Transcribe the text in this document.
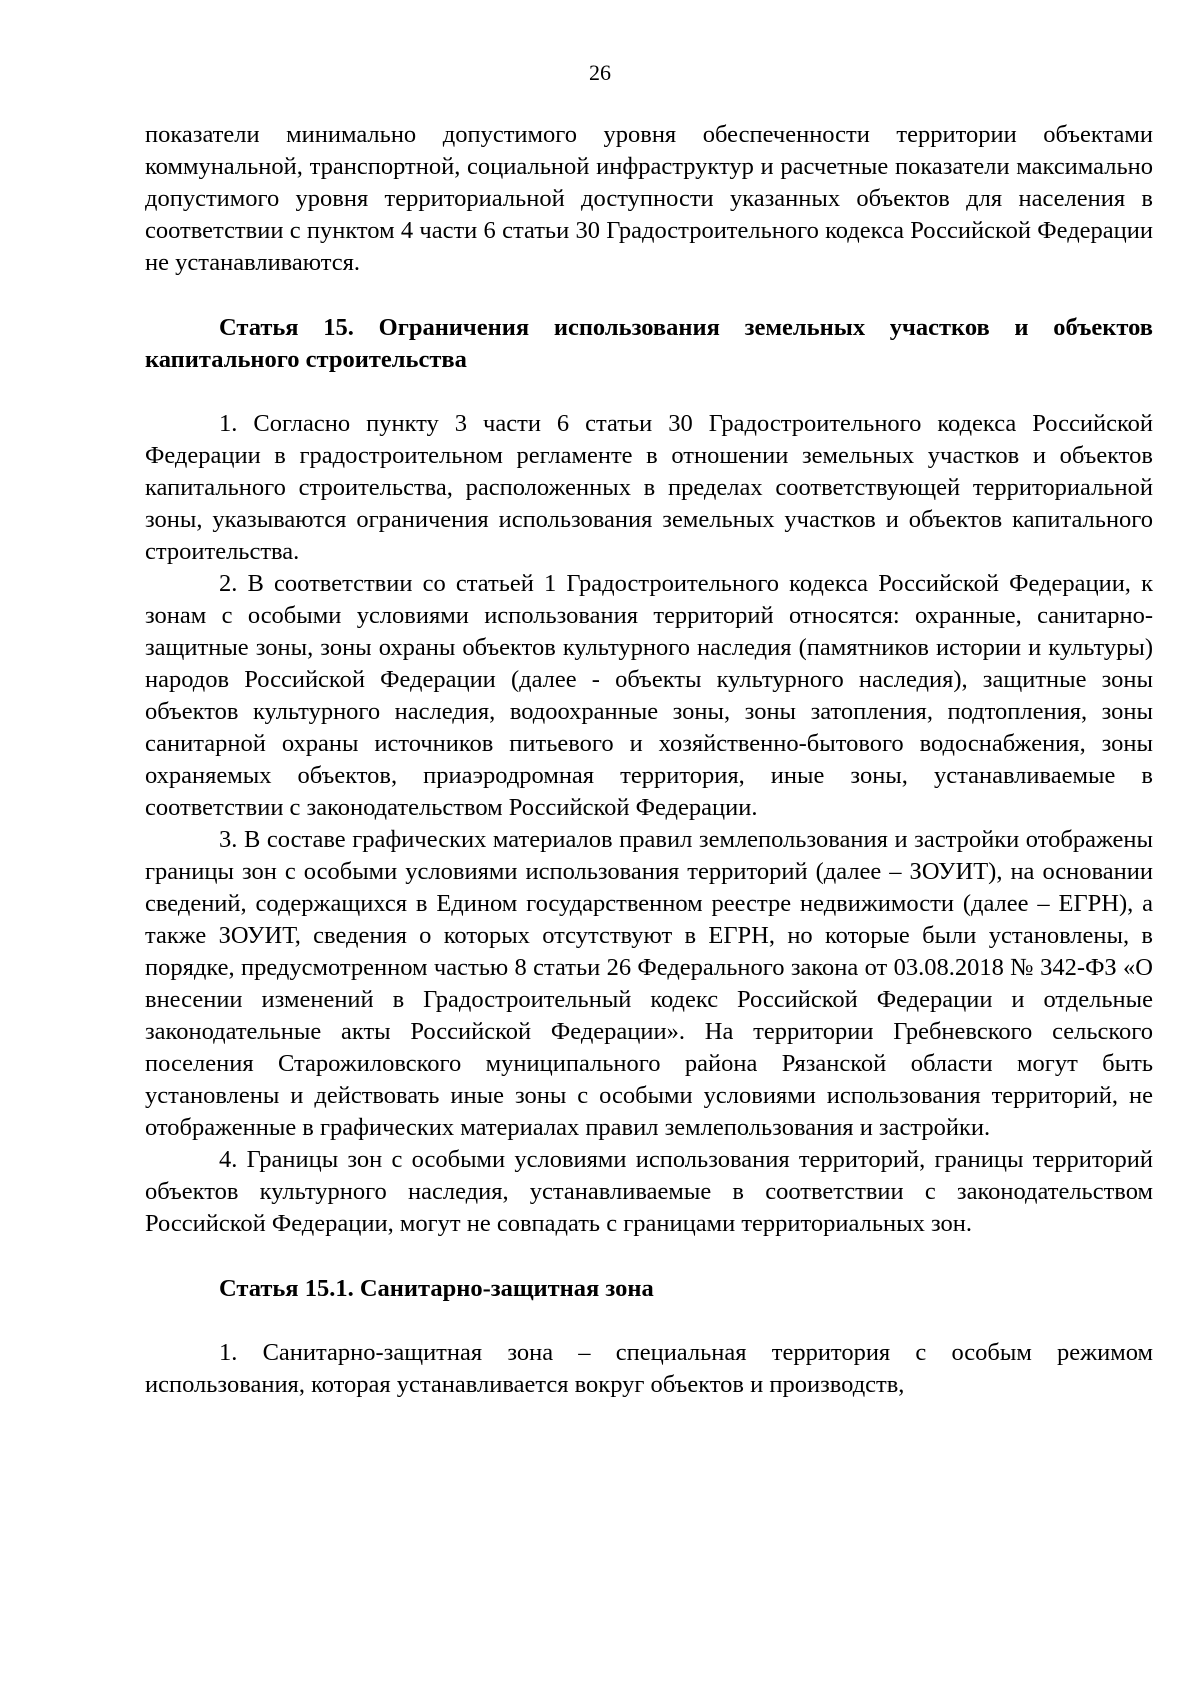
26

показатели минимально допустимого уровня обеспеченности территории объектами коммунальной, транспортной, социальной инфраструктур и расчетные показатели максимально допустимого уровня территориальной доступности указанных объектов для населения в соответствии с пунктом 4 части 6 статьи 30 Градостроительного кодекса Российской Федерации не устанавливаются.

Статья 15. Ограничения использования земельных участков и объектов капитального строительства

1. Согласно пункту 3 части 6 статьи 30 Градостроительного кодекса Российской Федерации в градостроительном регламенте в отношении земельных участков и объектов капитального строительства, расположенных в пределах соответствующей территориальной зоны, указываются ограничения использования земельных участков и объектов капитального строительства.

2. В соответствии со статьей 1 Градостроительного кодекса Российской Федерации, к зонам с особыми условиями использования территорий относятся: охранные, санитарно-защитные зоны, зоны охраны объектов культурного наследия (памятников истории и культуры) народов Российской Федерации (далее - объекты культурного наследия), защитные зоны объектов культурного наследия, водоохранные зоны, зоны затопления, подтопления, зоны санитарной охраны источников питьевого и хозяйственно-бытового водоснабжения, зоны охраняемых объектов, приаэродромная территория, иные зоны, устанавливаемые в соответствии с законодательством Российской Федерации.

3. В составе графических материалов правил землепользования и застройки отображены границы зон с особыми условиями использования территорий (далее – ЗОУИТ), на основании сведений, содержащихся в Едином государственном реестре недвижимости (далее – ЕГРН), а также ЗОУИТ, сведения о которых отсутствуют в ЕГРН, но которые были установлены, в порядке, предусмотренном частью 8 статьи 26 Федерального закона от 03.08.2018 № 342-ФЗ «О внесении изменений в Градостроительный кодекс Российской Федерации и отдельные законодательные акты Российской Федерации». На территории Гребневского сельского поселения Старожиловского муниципального района Рязанской области могут быть установлены и действовать иные зоны с особыми условиями использования территорий, не отображенные в графических материалах правил землепользования и застройки.

4. Границы зон с особыми условиями использования территорий, границы территорий объектов культурного наследия, устанавливаемые в соответствии с законодательством Российской Федерации, могут не совпадать с границами территориальных зон.

Статья 15.1. Санитарно-защитная зона

1. Санитарно-защитная зона – специальная территория с особым режимом использования, которая устанавливается вокруг объектов и производств,
